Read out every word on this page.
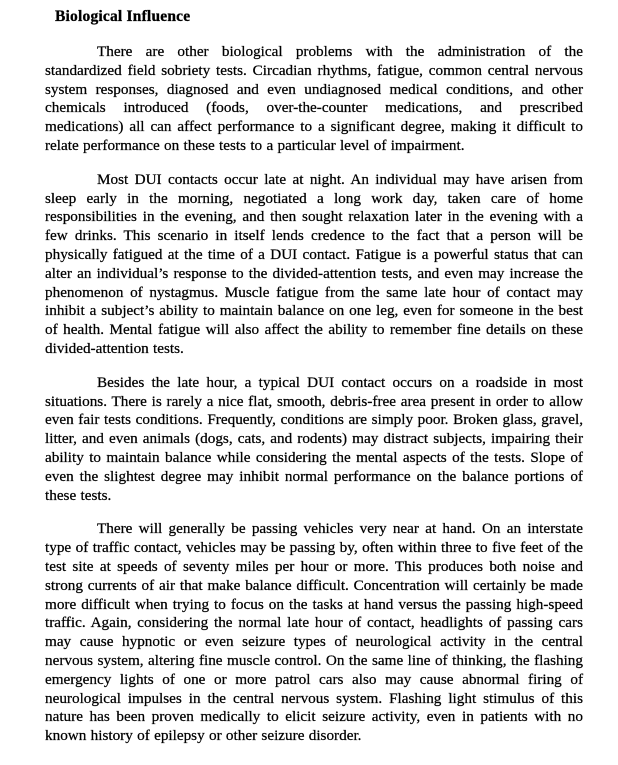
Biological Influence

There are other biological problems with the administration of the standardized field sobriety tests. Circadian rhythms, fatigue, common central nervous system responses, diagnosed and even undiagnosed medical conditions, and other chemicals introduced (foods, over-the-counter medications, and prescribed medications) all can affect performance to a significant degree, making it difficult to relate performance on these tests to a particular level of impairment.

Most DUI contacts occur late at night. An individual may have arisen from sleep early in the morning, negotiated a long work day, taken care of home responsibilities in the evening, and then sought relaxation later in the evening with a few drinks. This scenario in itself lends credence to the fact that a person will be physically fatigued at the time of a DUI contact. Fatigue is a powerful status that can alter an individual’s response to the divided-attention tests, and even may increase the phenomenon of nystagmus. Muscle fatigue from the same late hour of contact may inhibit a subject’s ability to maintain balance on one leg, even for someone in the best of health. Mental fatigue will also affect the ability to remember fine details on these divided-attention tests.

Besides the late hour, a typical DUI contact occurs on a roadside in most situations. There is rarely a nice flat, smooth, debris-free area present in order to allow even fair tests conditions. Frequently, conditions are simply poor. Broken glass, gravel, litter, and even animals (dogs, cats, and rodents) may distract subjects, impairing their ability to maintain balance while considering the mental aspects of the tests. Slope of even the slightest degree may inhibit normal performance on the balance portions of these tests.

There will generally be passing vehicles very near at hand. On an interstate type of traffic contact, vehicles may be passing by, often within three to five feet of the test site at speeds of seventy miles per hour or more. This produces both noise and strong currents of air that make balance difficult. Concentration will certainly be made more difficult when trying to focus on the tasks at hand versus the passing high-speed traffic. Again, considering the normal late hour of contact, headlights of passing cars may cause hypnotic or even seizure types of neurological activity in the central nervous system, altering fine muscle control. On the same line of thinking, the flashing emergency lights of one or more patrol cars also may cause abnormal firing of neurological impulses in the central nervous system. Flashing light stimulus of this nature has been proven medically to elicit seizure activity, even in patients with no known history of epilepsy or other seizure disorder.
